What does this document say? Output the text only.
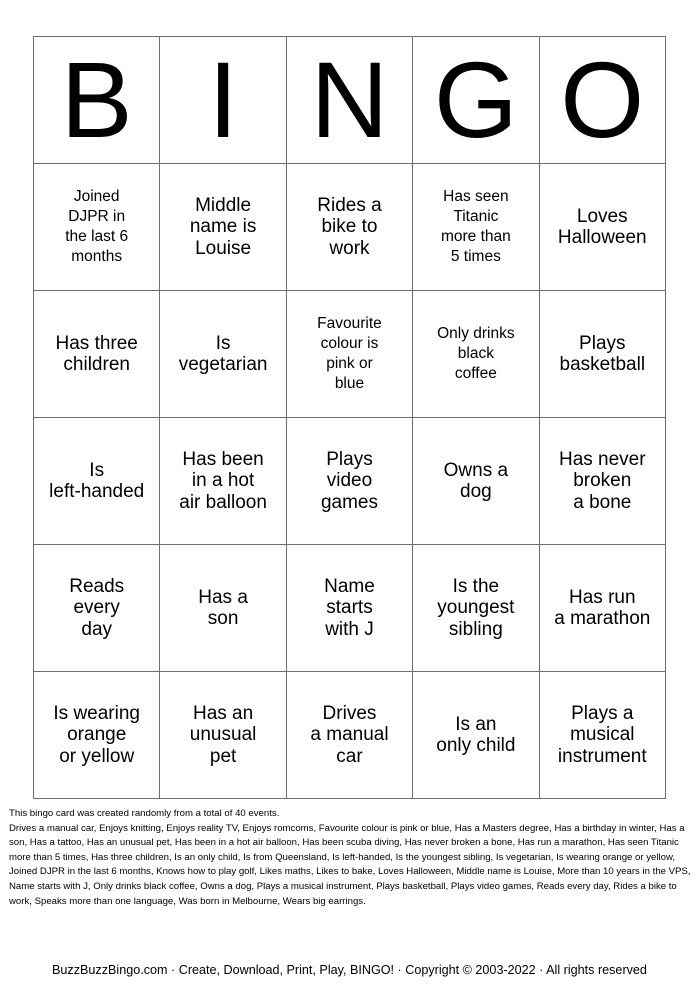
B	I	N	G	O

Joined
DJPR in
the last 6
months	Middle
name is
Louise	Rides a
bike to
work	Has seen
Titanic
more than
5 times	Loves
Halloween

Has three
children	Is
vegetarian	Favourite
colour is
pink or
blue	Only drinks
black
coffee	Plays
basketball

Is
left-handed	Has been
in a hot
air balloon	Plays
video
games	Owns a
dog	Has never
broken
a bone

Reads
every
day	Has a
son	Name
starts
with J	Is the
youngest
sibling	Has run
a marathon

Is wearing
orange
or yellow	Has an
unusual
pet	Drives
a manual
car	Is an
only child	Plays a
musical
instrument

This bingo card was created randomly from a total of 40 events.

Drives a manual car, Enjoys knitting, Enjoys reality TV, Enjoys romcoms, Favourite colour is pink or blue, Has a Masters degree, Has a birthday in winter, Has a son, Has a tattoo, Has an unusual pet, Has been in a hot air balloon, Has been scuba diving, Has never broken a bone, Has run a marathon, Has seen Titanic more than 5 times, Has three children, Is an only child, Is from Queensland, Is left-handed, Is the youngest sibling, Is vegetarian, Is wearing orange or yellow, Joined DJPR in the last 6 months, Knows how to play golf, Likes maths, Likes to bake, Loves Halloween, Middle name is Louise, More than 10 years in the VPS, Name starts with J, Only drinks black coffee, Owns a dog, Plays a musical instrument, Plays basketball, Plays video games, Reads every day, Rides a bike to work, Speaks more than one language, Was born in Melbourne, Wears big earrings.

BuzzBuzzBingo.com · Create, Download, Print, Play, BINGO! · Copyright © 2003-2022 · All rights reserved
